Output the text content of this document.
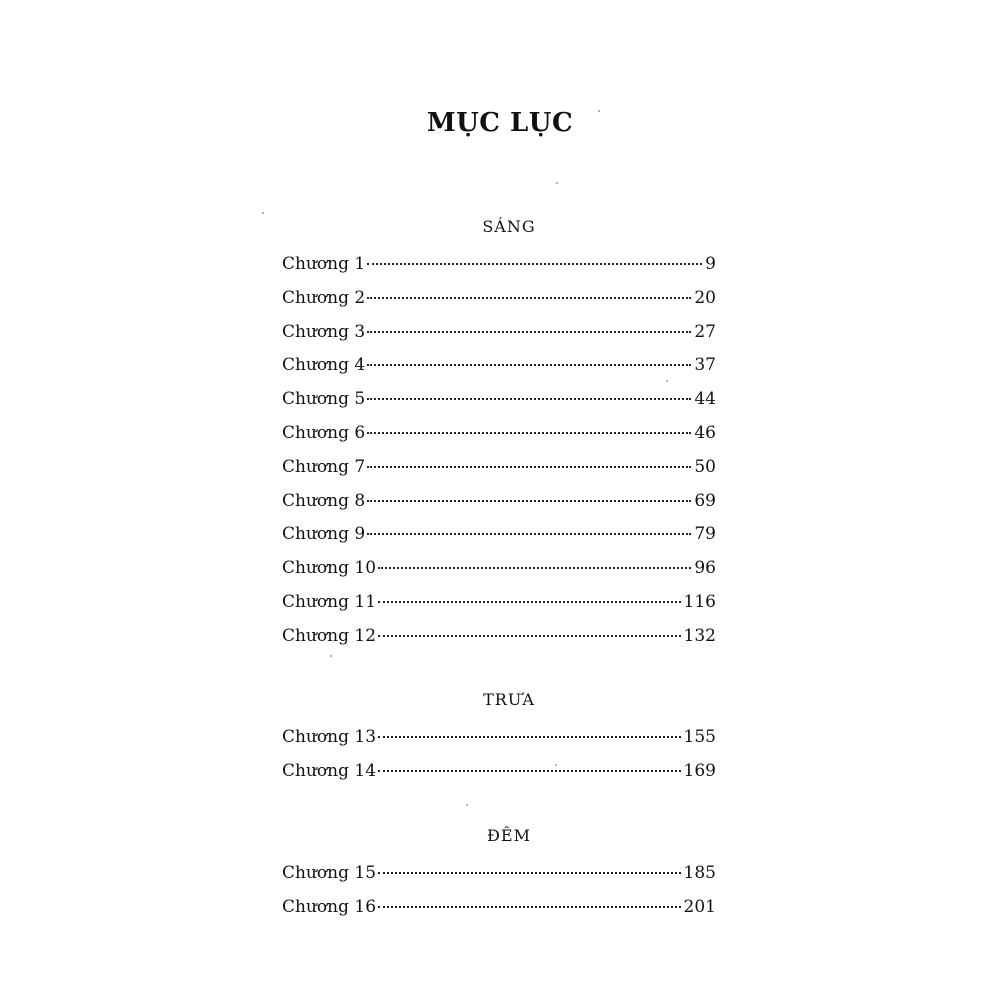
MỤC LỤC
SÁNG
Chương 1	9
Chương 2	20
Chương 3	27
Chương 4	37
Chương 5	44
Chương 6	46
Chương 7	50
Chương 8	69
Chương 9	79
Chương 10	96
Chương 11	116
Chương 12	132
TRƯA
Chương 13	155
Chương 14	169
ĐÊM
Chương 15	185
Chương 16	201
